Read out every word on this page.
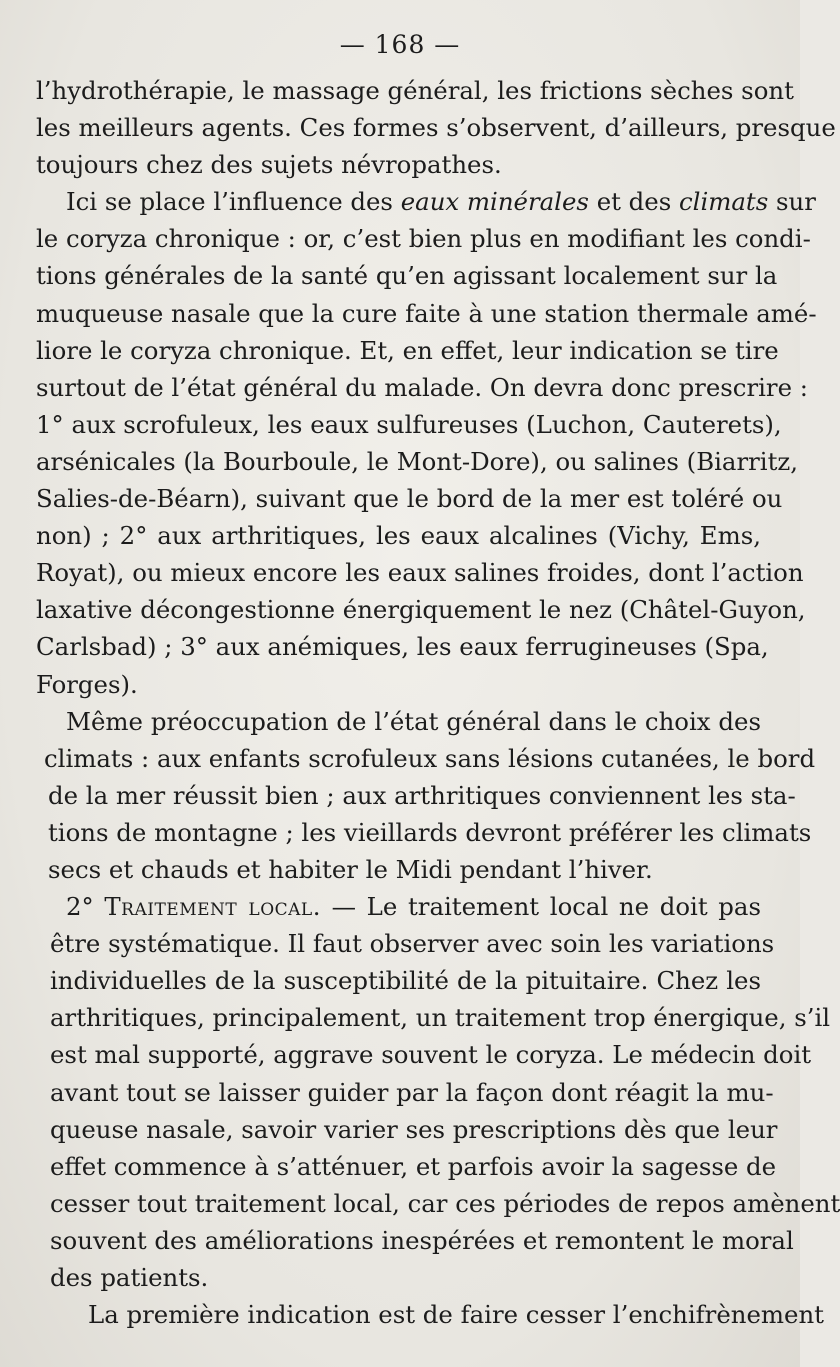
— 168 —
l’hydrothérapie, le massage général, les frictions sèches sont
les meilleurs agents. Ces formes s’observent, d’ailleurs, presque
toujours chez des sujets névropathes.
Ici se place l’influence des eaux minérales et des climats sur
le coryza chronique : or, c’est bien plus en modifiant les condi-
tions générales de la santé qu’en agissant localement sur la
muqueuse nasale que la cure faite à une station thermale amé-
liore le coryza chronique. Et, en effet, leur indication se tire
surtout de l’état général du malade. On devra donc prescrire :
1° aux scrofuleux, les eaux sulfureuses (Luchon, Cauterets),
arsénicales (la Bourboule, le Mont-Dore), ou salines (Biarritz,
Salies-de-Béarn), suivant que le bord de la mer est toléré ou
non) ; 2° aux arthritiques, les eaux alcalines (Vichy, Ems,
Royat), ou mieux encore les eaux salines froides, dont l’action
laxative décongestionne énergiquement le nez (Châtel-Guyon,
Carlsbad) ; 3° aux anémiques, les eaux ferrugineuses (Spa,
Forges).
Même préoccupation de l’état général dans le choix des
climats : aux enfants scrofuleux sans lésions cutanées, le bord
de la mer réussit bien ; aux arthritiques conviennent les sta-
tions de montagne ; les vieillards devront préférer les climats
secs et chauds et habiter le Midi pendant l’hiver.
2° Traitement local. — Le traitement local ne doit pas
être systématique. Il faut observer avec soin les variations
individuelles de la susceptibilité de la pituitaire. Chez les
arthritiques, principalement, un traitement trop énergique, s’il
est mal supporté, aggrave souvent le coryza. Le médecin doit
avant tout se laisser guider par la façon dont réagit la mu-
queuse nasale, savoir varier ses prescriptions dès que leur
effet commence à s’atténuer, et parfois avoir la sagesse de
cesser tout traitement local, car ces périodes de repos amènent
souvent des améliorations inespérées et remontent le moral
des patients.
La première indication est de faire cesser l’enchifrènement
